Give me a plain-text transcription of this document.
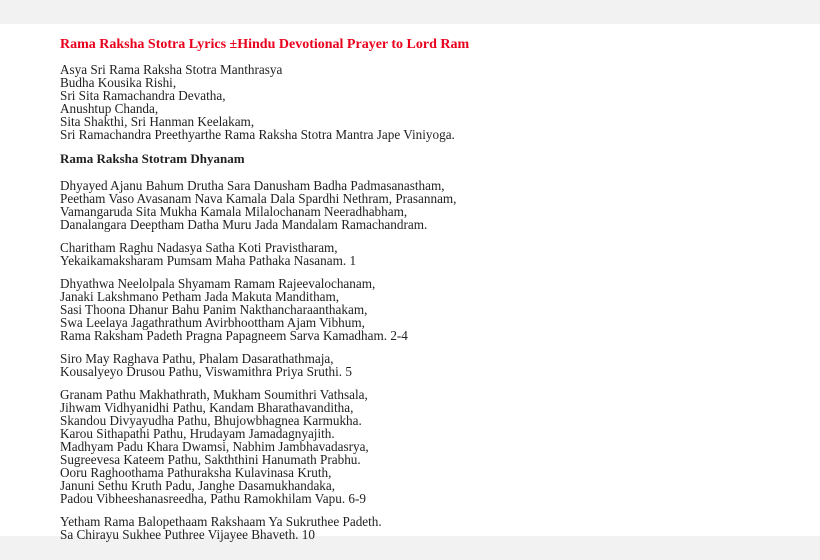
Rama Raksha Stotra Lyrics ±Hindu Devotional Prayer to Lord Ram
Asya Sri Rama Raksha Stotra Manthrasya
Budha Kousika Rishi,
Sri Sita Ramachandra Devatha,
Anushtup Chanda,
Sita Shakthi, Sri Hanman Keelakam,
Sri Ramachandra Preethyarthe Rama Raksha Stotra Mantra Jape Viniyoga.
Rama Raksha Stotram Dhyanam
Dhyayed Ajanu Bahum Drutha Sara Danusham Badha Padmasanastham,
Peetham Vaso Avasanam Nava Kamala Dala Spardhi Nethram, Prasannam,
Vamangaruda Sita Mukha Kamala Milalochanam Neeradhabham,
Danalangara Deeptham Datha Muru Jada Mandalam Ramachandram.
Charitham Raghu Nadasya Satha Koti Pravistharam,
Yekaikamaksharam Pumsam Maha Pathaka Nasanam. 1
Dhyathwa Neelolpala Shyamam Ramam Rajeevalochanam,
Janaki Lakshmano Petham Jada Makuta Manditham,
Sasi Thoona Dhanur Bahu Panim Nakthancharaanthakam,
Swa Leelaya Jagathrathum Avirbhoottham Ajam Vibhum,
Rama Raksham Padeth Pragna Papagneem Sarva Kamadham. 2-4
Siro May Raghava Pathu, Phalam Dasarathathmaja,
Kousalyeyo Drusou Pathu, Viswamithra Priya Sruthi. 5
Granam Pathu Makhathrath, Mukham Soumithri Vathsala,
Jihwam Vidhyanidhi Pathu, Kandam Bharathavanditha,
Skandou Divyayudha Pathu, Bhujowbhagnea Karmukha.
Karou Sithapathi Pathu, Hrudayam Jamadagnyajith.
Madhyam Padu Khara Dwamsi, Nabhim Jambhavadasrya,
Sugreevesa Kateem Pathu, Sakththini Hanumath Prabhu.
Ooru Raghoothama Pathuraksha Kulavinasa Kruth,
Januni Sethu Kruth Padu, Janghe Dasamukhandaka,
Padou Vibheeshanasreedha, Pathu Ramokhilam Vapu. 6-9
Yetham Rama Balopethaam Rakshaam Ya Sukruthee Padeth.
Sa Chirayu Sukhee Puthree Vijayee Bhaveth. 10
